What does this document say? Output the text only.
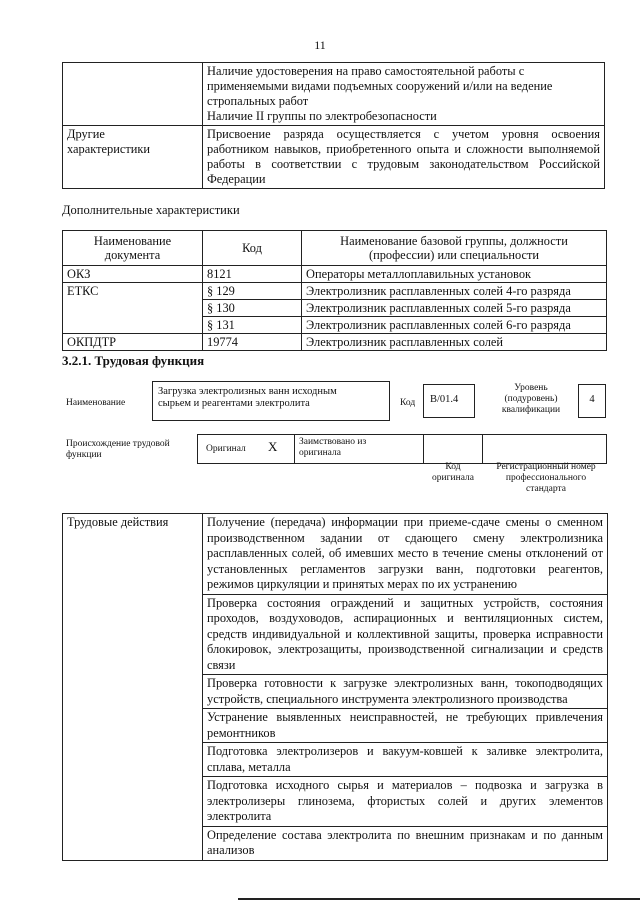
11

	Наличие удостоверения на право самостоятельной работы с
применяемыми видами подъемных сооружений и/или на ведение
стропальных работ
Наличие II группы по электробезопасности

Другие
характеристики	Присвоение разряда осуществляется с учетом уровня освоения работником навыков, приобретенного опыта и сложности выполняемой работы в соответствии с трудовым законодательством Российской Федерации
Дополнительные характеристики
Наименование документа	Код	Наименование базовой группы, должности (профессии) или специальности
ОКЗ	8121	Операторы металлоплавильных установок
ЕТКС	§ 129	Электролизник расплавленных солей 4-го разряда
	§ 130	Электролизник расплавленных солей 5-го разряда
	§ 131	Электролизник расплавленных солей 6-го разряда
ОКПДТР	19774	Электролизник расплавленных солей
3.2.1. Трудовая функция
Наименование
Загрузка электролизных ванн исходным
сырьем и реагентами электролита	Код	В/01.4
Уровень
(подуровень)
квалификации
4
Происхождение трудовой
функции
Оригинал X Заимствовано из
оригинала
Код
оригинала
Регистрационный номер
профессионального
стандарта
Трудовые действия	Получение (передача) информации при приеме-сдаче смены о сменном производственном задании от сдающего смену электролизника расплавленных солей, об имевших место в течение смены отклонений от установленных регламентов загрузки ванн, подготовки реагентов, режимов циркуляции и принятых мерах по их устранению
Проверка состояния ограждений и защитных устройств, состояния проходов, воздуховодов, аспирационных и вентиляционных систем, средств индивидуальной и коллективной защиты, проверка исправности блокировок, электрозащиты, производственной сигнализации и средств связи
Проверка готовности к загрузке электролизных ванн, токоподводящих устройств, специального инструмента электролизного производства
Устранение выявленных неисправностей, не требующих привлечения ремонтников
Подготовка электролизеров и вакуум-ковшей к заливке электролита, сплава, металла
Подготовка исходного сырья и материалов – подвозка и загрузка в электролизеры глинозема, фтористых солей и других элементов электролита
Определение состава электролита по внешним признакам и по данным анализов
